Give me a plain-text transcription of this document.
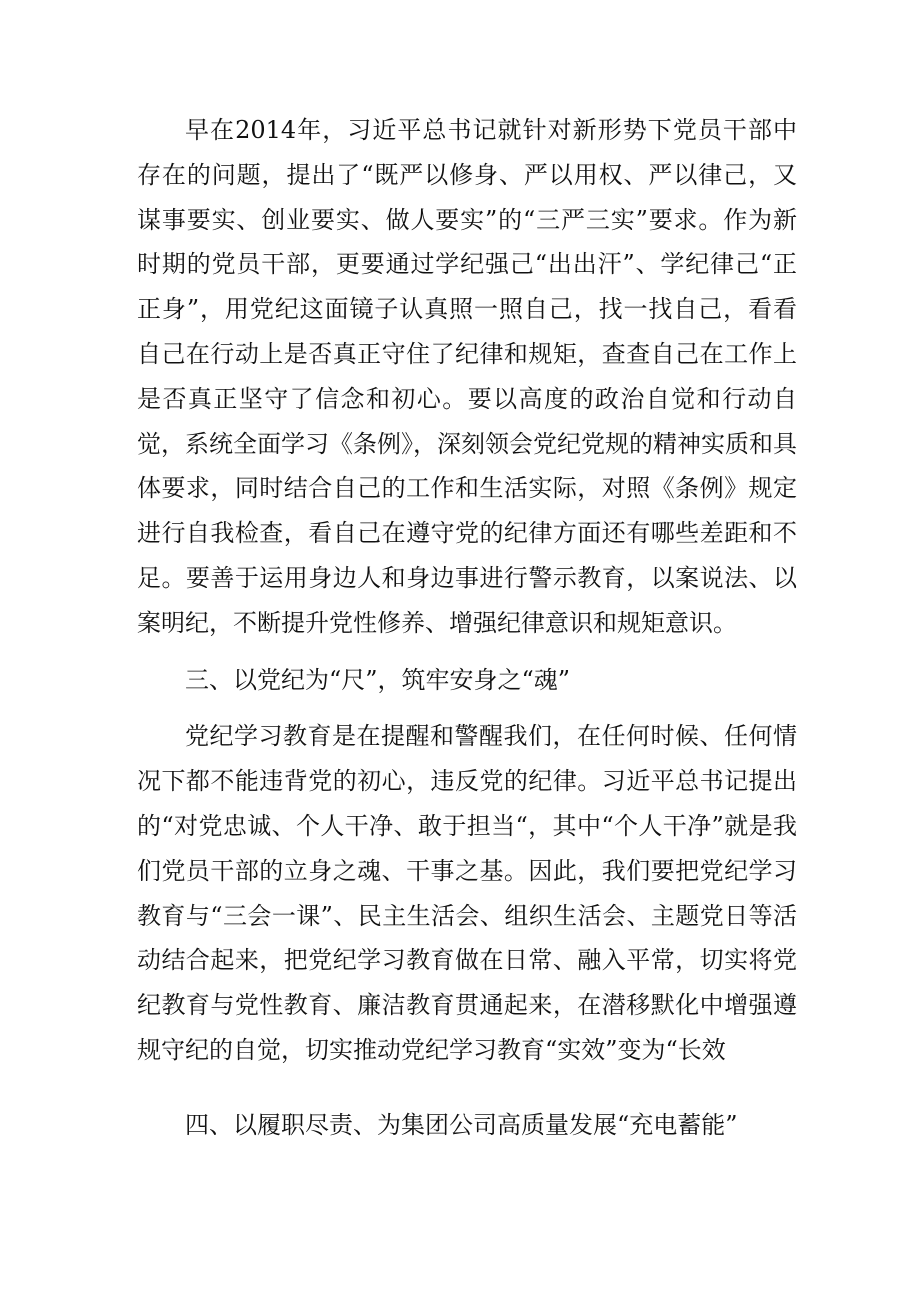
早在2014年，习近平总书记就针对新形势下党员干部中存在的问题，提出了“既严以修身、严以用权、严以律己，又谋事要实、创业要实、做人要实”的“三严三实”要求。作为新时期的党员干部，更要通过学纪强己“出出汗”、学纪律己“正正身”，用党纪这面镜子认真照一照自己，找一找自己，看看自己在行动上是否真正守住了纪律和规矩，查查自己在工作上是否真正坚守了信念和初心。要以高度的政治自觉和行动自觉，系统全面学习《条例》，深刻领会党纪党规的精神实质和具体要求，同时结合自己的工作和生活实际，对照《条例》规定进行自我检查，看自己在遵守党的纪律方面还有哪些差距和不足。要善于运用身边人和身边事进行警示教育，以案说法、以案明纪，不断提升党性修养、增强纪律意识和规矩意识。

三、以党纪为“尺”，筑牢安身之“魂”

党纪学习教育是在提醒和警醒我们，在任何时候、任何情况下都不能违背党的初心，违反党的纪律。习近平总书记提出的“对党忠诚、个人干净、敢于担当“，其中“个人干净”就是我们党员干部的立身之魂、干事之基。因此，我们要把党纪学习教育与“三会一课”、民主生活会、组织生活会、主题党日等活动结合起来，把党纪学习教育做在日常、融入平常，切实将党纪教育与党性教育、廉洁教育贯通起来，在潜移默化中增强遵规守纪的自觉，切实推动党纪学习教育“实效”变为“长效

四、以履职尽责、为集团公司高质量发展“充电蓄能”
